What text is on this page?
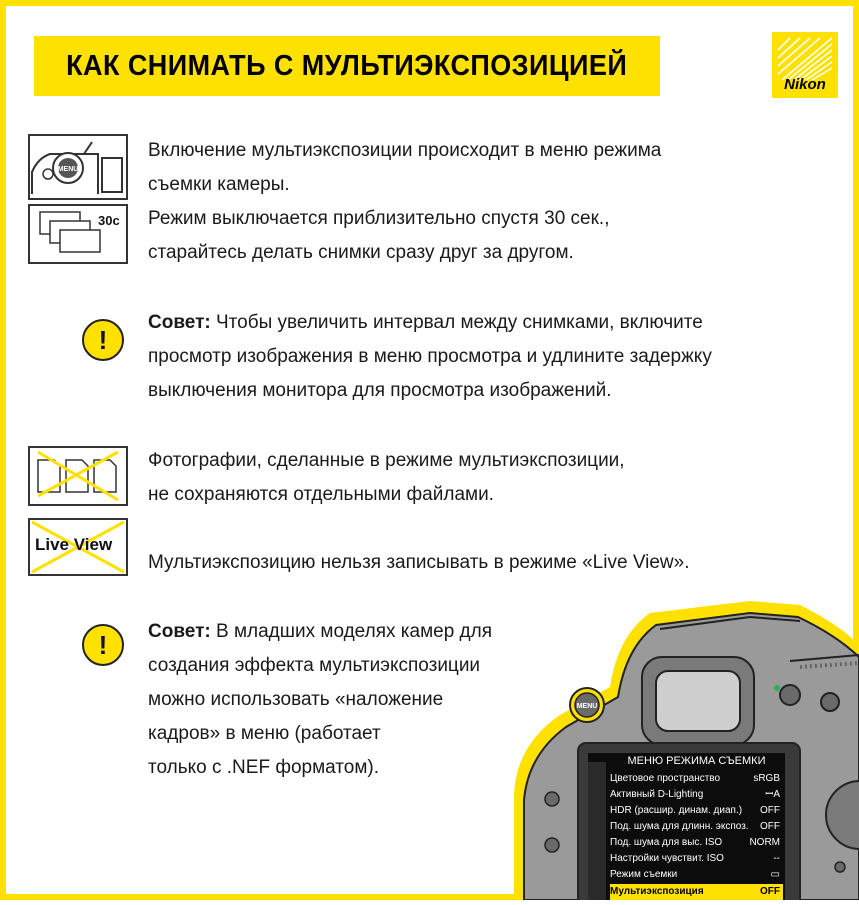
КАК СНИМАТЬ С МУЛЬТИЭКСПОЗИЦИЕЙ
Nikon
MENU
30с
Включение мультиэкспозиции происходит в меню режима
съемки камеры.
Режим выключается приблизительно спустя 30 сек.,
старайтесь делать снимки сразу друг за другом.
!
Совет: Чтобы увеличить интервал между снимками, включите
просмотр изображения в меню просмотра и удлините задержку
выключения монитора для просмотра изображений.
Фотографии, сделанные в режиме мультиэкспозиции,
не сохраняются отдельными файлами.
Live View
Мультиэкспозицию нельзя записывать в режиме «Live View».
!	Совет: В младших моделях камер для
создания эффекта мультиэкспозиции
можно использовать «наложение
кадров» в меню (работает
только с .NEF форматом).
MENU
МЕНЮ РЕЖИМА СЪЕМКИ
Цветовое пространство	sRGB
Активный D-Lighting	ꟷA
HDR (расшир. динам. диап.) OFF
Под. шума для длинн. экспоз. OFF
Под. шума для выс. ISO	NORM
Настройки чувствит. ISO	--
Режим съемки	▭
Мультиэкспозиция	OFF
